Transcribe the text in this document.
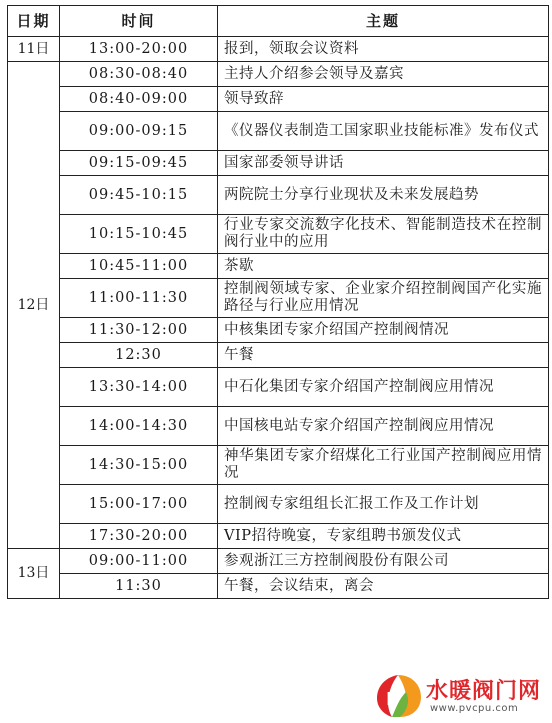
日期	时间	主题
11日	13:00-20:00	报到，领取会议资料
12日	08:30-08:40	主持人介绍参会领导及嘉宾
	08:40-09:00	领导致辞
	09:00-09:15	《仪器仪表制造工国家职业技能标准》发布仪式
	09:15-09:45	国家部委领导讲话
	09:45-10:15	两院院士分享行业现状及未来发展趋势
	10:15-10:45	行业专家交流数字化技术、智能制造技术在控制阀行业中的应用
	10:45-11:00	茶歇
	11:00-11:30	控制阀领域专家、企业家介绍控制阀国产化实施路径与行业应用情况
	11:30-12:00	中核集团专家介绍国产控制阀情况
	12:30	午餐
	13:30-14:00	中石化集团专家介绍国产控制阀应用情况
	14:00-14:30	中国核电站专家介绍国产控制阀应用情况
	14:30-15:00	神华集团专家介绍煤化工行业国产控制阀应用情况
	15:00-17:00	控制阀专家组组长汇报工作及工作计划
	17:30-20:00	VIP招待晚宴，专家组聘书颁发仪式
13日	09:00-11:00	参观浙江三方控制阀股份有限公司
	11:30	午餐，会议结束，离会
P 水暖阀门网
www.pvcpu.com
